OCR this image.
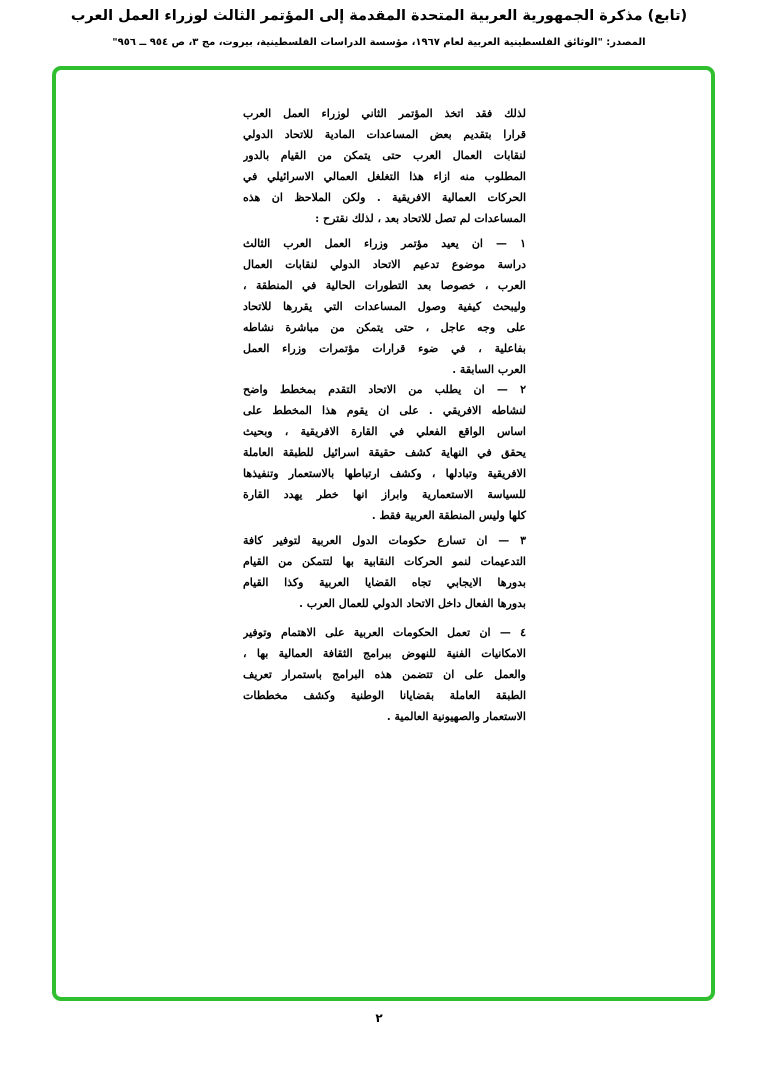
(تابع) مذكرة الجمهورية العربية المتحدة المقدمة إلى المؤتمر الثالث لوزراء العمل العرب
المصدر: "الوثائق الفلسطينية العربية لعام ١٩٦٧، مؤسسة الدراسات الفلسطينية، بيروت، مج ٣، ص ٩٥٤ ــ ٩٥٦"
لذلك فقد اتخذ المؤتمر الثاني لوزراء العمل العرب
قرارا بتقديم بعض المساعدات المادية للاتحاد الدولي
لنقابات العمال العرب حتى يتمكن من القيام بالدور
المطلوب منه ازاء هذا التغلغل العمالي الاسرائيلي في
الحركات العمالية الافريقية . ولكن الملاحظ ان هذه
المساعدات لم تصل للاتحاد بعد ، لذلك نقترح :
١ — ان يعيد مؤتمر وزراء العمل العرب الثالث
دراسة موضوع تدعيم الاتحاد الدولي لنقابات العمال
العرب ، خصوصا بعد التطورات الحالية في المنطقة ،
وليبحث كيفية وصول المساعدات التي يقررها للاتحاد
على وجه عاجل ، حتى يتمكن من مباشرة نشاطه
بفاعلية ، في ضوء قرارات مؤتمرات وزراء العمل
العرب السابقة .
٢ — ان يطلب من الاتحاد التقدم بمخطط واضح
لنشاطه الافريقي . على ان يقوم هذا المخطط على
اساس الواقع الفعلي في القارة الافريقية ، وبحيث
يحقق في النهاية كشف حقيقة اسرائيل للطبقة العاملة
الافريقية وتبادلها ، وكشف ارتباطها بالاستعمار وتنفيذها
للسياسة الاستعمارية وابراز انها خطر يهدد القارة
كلها وليس المنطقة العربية فقط .
٣ — ان تسارع حكومات الدول العربية لتوفير كافة
التدعيمات لنمو الحركات النقابية بها لتتمكن من القيام
بدورها الايجابي تجاه القضايا العربية وكذا القيام
بدورها الفعال داخل الاتحاد الدولي للعمال العرب .
٤ — ان تعمل الحكومات العربية على الاهتمام وتوفير
الامكانيات الفنية للنهوض ببرامج الثقافة العمالية بها ،
والعمل على ان تتضمن هذه البرامج باستمرار تعريف
الطبقة العاملة بقضايانا الوطنية وكشف مخططات
الاستعمار والصهيونية العالمية .
٢
